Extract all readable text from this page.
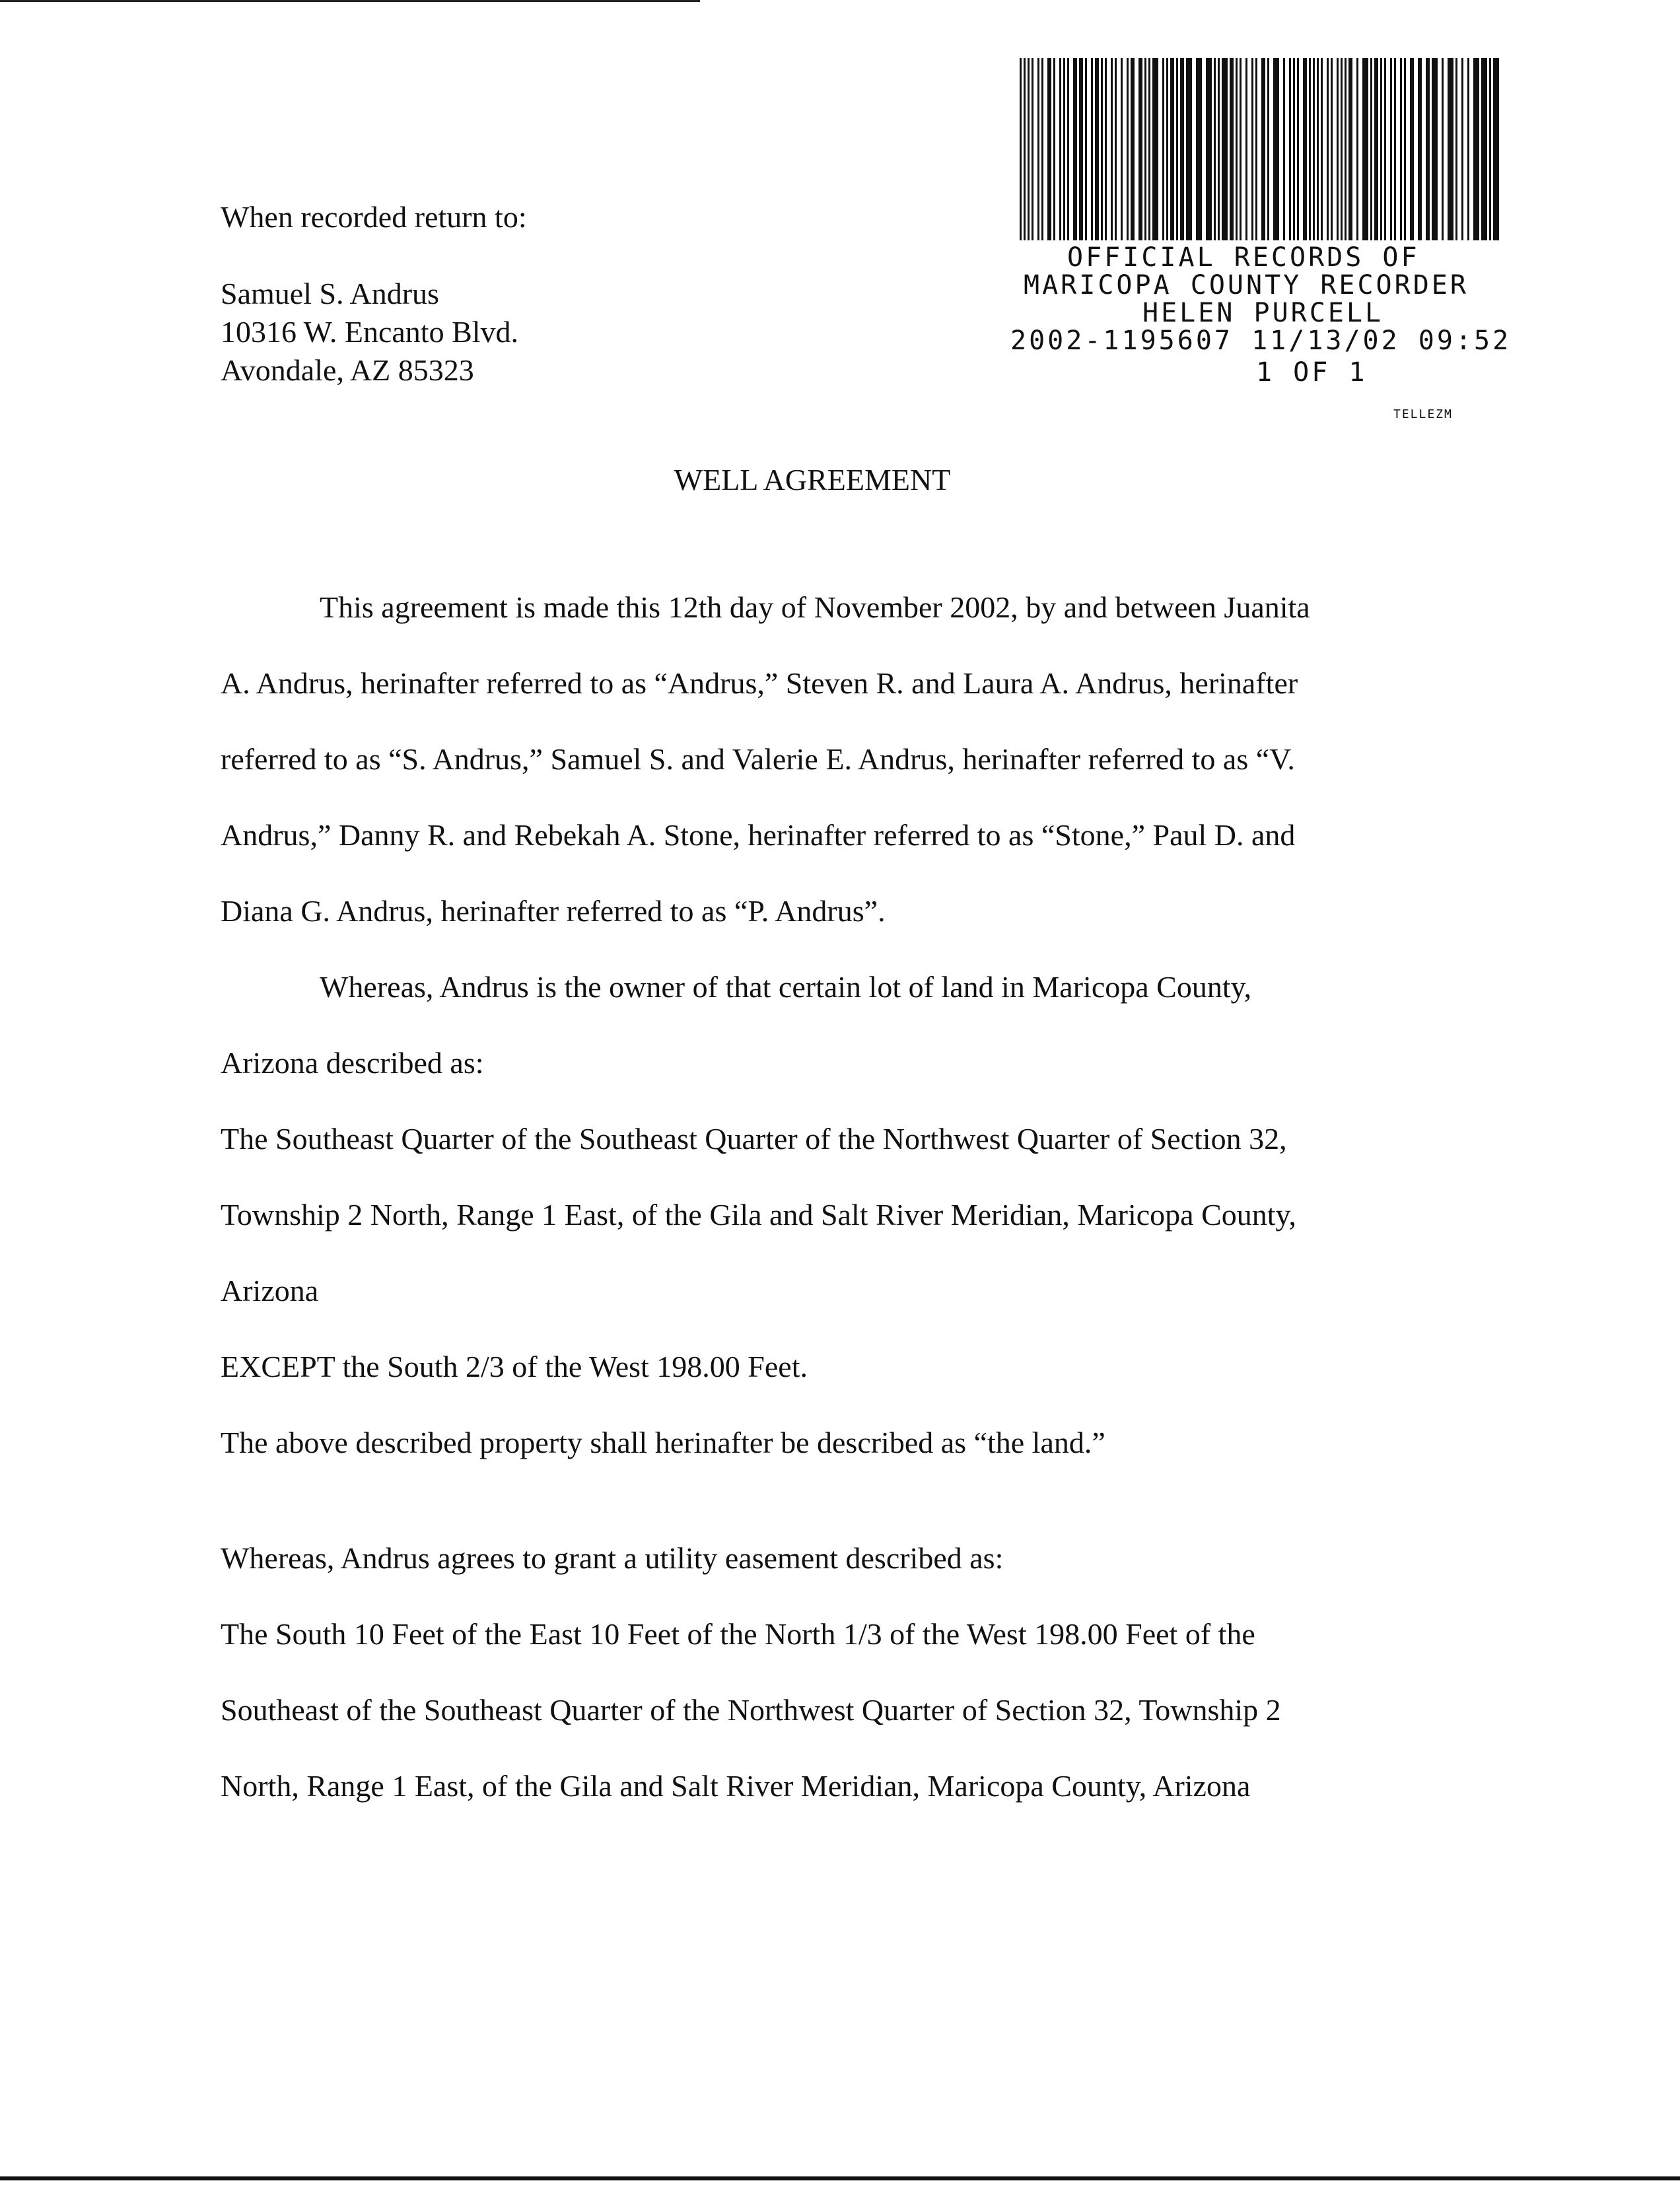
When recorded return to:
Samuel S. Andrus
10316 W. Encanto Blvd.
Avondale, AZ 85323
OFFICIAL RECORDS OF
MARICOPA COUNTY RECORDER
HELEN PURCELL
2002-1195607 11/13/02 09:52
1 OF 1
TELLEZM
WELL AGREEMENT

This agreement is made this 12th day of November 2002, by and between Juanita

A. Andrus, herinafter referred to as “Andrus,” Steven R. and Laura A. Andrus, herinafter

referred to as “S. Andrus,” Samuel S. and Valerie E. Andrus, herinafter referred to as “V.

Andrus,” Danny R. and Rebekah A. Stone, herinafter referred to as “Stone,” Paul D. and

Diana G. Andrus, herinafter referred to as “P. Andrus”.

Whereas, Andrus is the owner of that certain lot of land in Maricopa County,

Arizona described as:

The Southeast Quarter of the Southeast Quarter of the Northwest Quarter of Section 32,

Township 2 North, Range 1 East, of the Gila and Salt River Meridian, Maricopa County,

Arizona

EXCEPT the South 2/3 of the West 198.00 Feet.

The above described property shall herinafter be described as “the land.”

Whereas, Andrus agrees to grant a utility easement described as:

The South 10 Feet of the East 10 Feet of the North 1/3 of the West 198.00 Feet of the

Southeast of the Southeast Quarter of the Northwest Quarter of Section 32, Township 2

North, Range 1 East, of the Gila and Salt River Meridian, Maricopa County, Arizona
